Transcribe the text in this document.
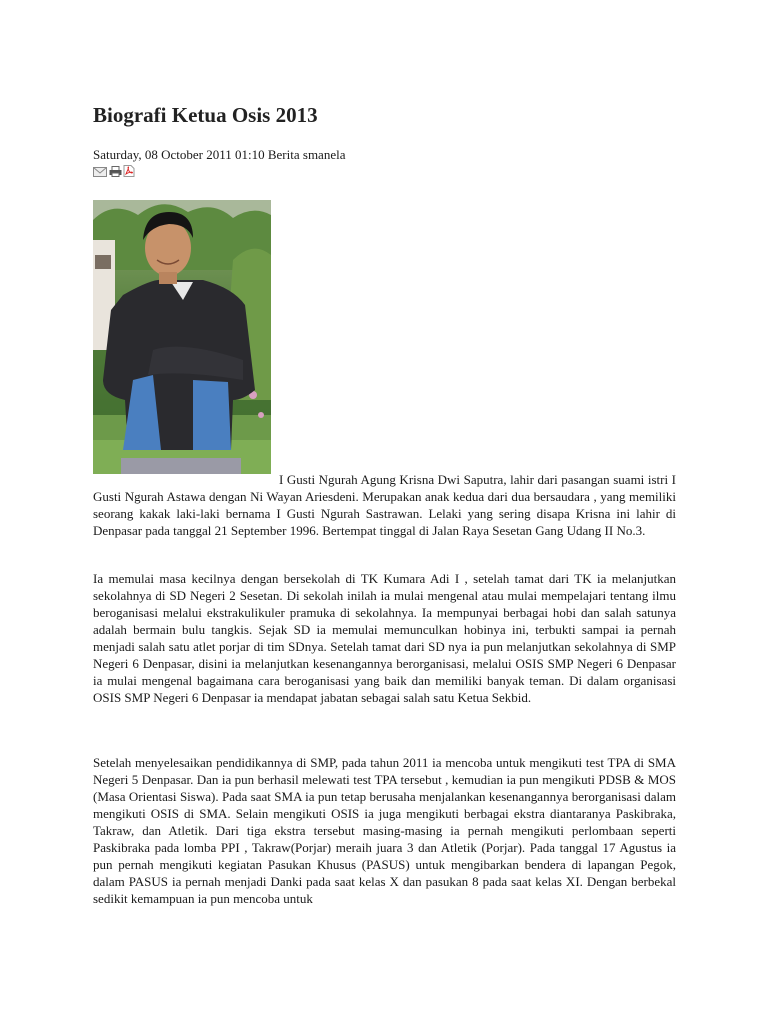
Biografi Ketua Osis 2013
Saturday, 08 October 2011 01:10 Berita smanela

I Gusti Ngurah Agung Krisna Dwi Saputra, lahir dari pasangan suami istri I Gusti Ngurah Astawa dengan Ni Wayan Ariesdeni. Merupakan anak kedua dari dua bersaudara , yang memiliki seorang kakak laki-laki bernama I Gusti Ngurah Sastrawan. Lelaki yang sering disapa Krisna ini lahir di Denpasar pada tanggal 21 September 1996. Bertempat tinggal di Jalan Raya Sesetan Gang Udang II No.3.

Ia memulai masa kecilnya dengan bersekolah di TK Kumara Adi I , setelah tamat dari TK ia melanjutkan sekolahnya di SD Negeri 2 Sesetan. Di sekolah inilah ia mulai mengenal atau mulai mempelajari tentang ilmu beroganisasi melalui ekstrakulikuler pramuka di sekolahnya. Ia mempunyai berbagai hobi dan salah satunya adalah bermain bulu tangkis. Sejak SD ia memulai memunculkan hobinya ini, terbukti sampai ia pernah menjadi salah satu atlet porjar di tim SDnya. Setelah tamat dari SD nya ia pun melanjutkan sekolahnya di SMP Negeri 6 Denpasar, disini ia melanjutkan kesenangannya berorganisasi, melalui OSIS SMP Negeri 6 Denpasar ia mulai mengenal bagaimana cara beroganisasi yang baik dan memiliki banyak teman. Di dalam organisasi OSIS SMP Negeri 6 Denpasar ia mendapat jabatan sebagai salah satu Ketua Sekbid.

Setelah menyelesaikan pendidikannya di SMP, pada tahun 2011 ia mencoba untuk mengikuti test TPA di SMA Negeri 5 Denpasar. Dan ia pun berhasil melewati test TPA tersebut , kemudian ia pun mengikuti PDSB & MOS (Masa Orientasi Siswa). Pada saat SMA ia pun tetap berusaha menjalankan kesenangannya berorganisasi dalam mengikuti OSIS di SMA. Selain mengikuti OSIS ia juga mengikuti berbagai ekstra diantaranya Paskibraka, Takraw, dan Atletik. Dari tiga ekstra tersebut masing-masing ia pernah mengikuti perlombaan seperti Paskibraka pada lomba PPI , Takraw(Porjar) meraih juara 3 dan Atletik (Porjar). Pada tanggal 17 Agustus ia pun pernah mengikuti kegiatan Pasukan Khusus (PASUS) untuk mengibarkan bendera di lapangan Pegok, dalam PASUS ia pernah menjadi Danki pada saat kelas X dan pasukan 8 pada saat kelas XI. Dengan berbekal sedikit kemampuan ia pun mencoba untuk
